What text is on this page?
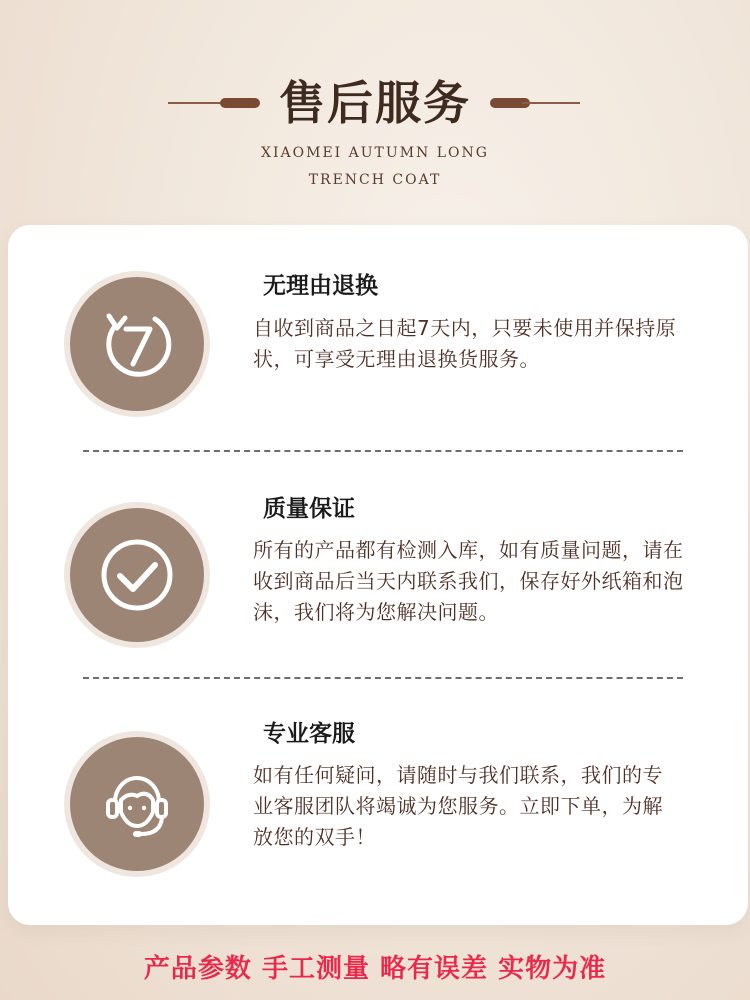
售后服务
XIAOMEI AUTUMN LONG
TRENCH COAT
无理由退换
自收到商品之日起7天内，只要未使用并保持原状，可享受无理由退换货服务。
质量保证
所有的产品都有检测入库，如有质量问题，请在收到商品后当天内联系我们，保存好外纸箱和泡沫，我们将为您解决问题。
专业客服
如有任何疑问，请随时与我们联系，我们的专业客服团队将竭诚为您服务。立即下单，为解放您的双手！
产品参数 手工测量 略有误差 实物为准
